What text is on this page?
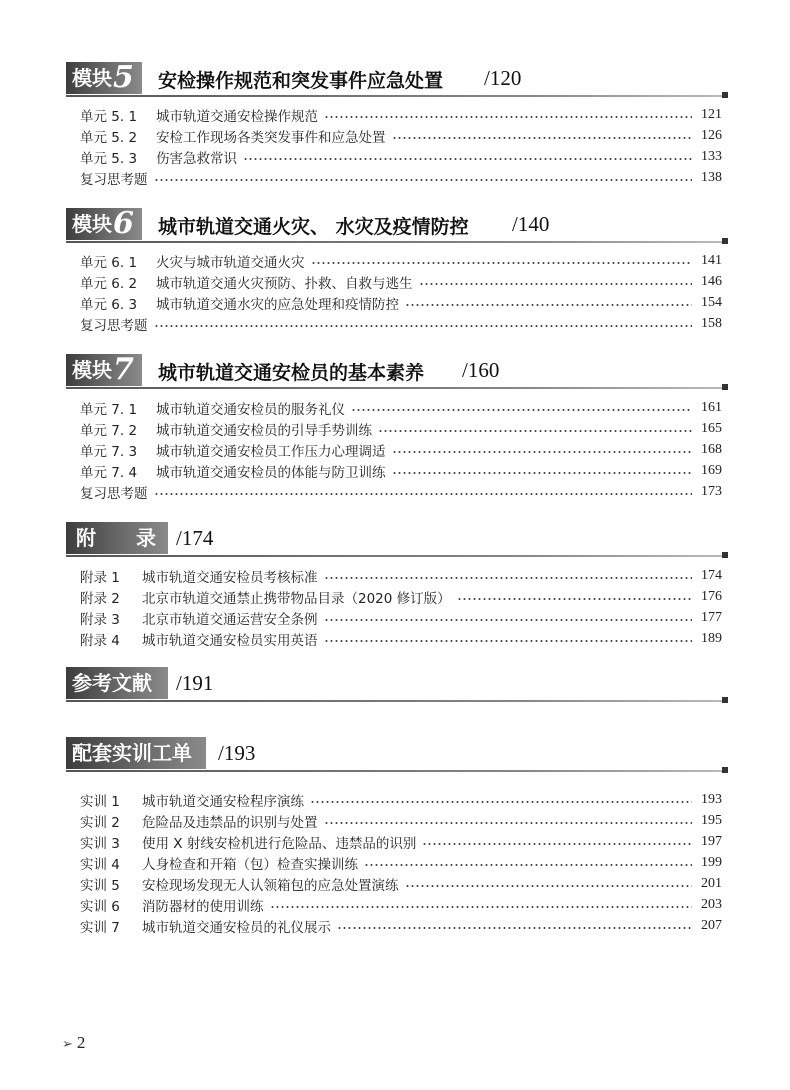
模块5	安检操作规范和突发事件应急处置 /120
单元 5. 1	城市轨道交通安检操作规范	121
单元 5. 2	安检工作现场各类突发事件和应急处置	126
单元 5. 3	伤害急救常识	133
复习思考题	138
模块6	城市轨道交通火灾、 水灾及疫情防控 /140
单元 6. 1	火灾与城市轨道交通火灾	141
单元 6. 2	城市轨道交通火灾预防、扑救、自救与逃生	146
单元 6. 3	城市轨道交通水灾的应急处理和疫情防控	154
复习思考题	158
模块7	城市轨道交通安检员的基本素养 /160
单元 7. 1	城市轨道交通安检员的服务礼仪	161
单元 7. 2	城市轨道交通安检员的引导手势训练	165
单元 7. 3	城市轨道交通安检员工作压力心理调适	168
单元 7. 4	城市轨道交通安检员的体能与防卫训练	169
复习思考题	173
附 录 /174
附录 1	城市轨道交通安检员考核标准	174
附录 2	北京市轨道交通禁止携带物品目录（2020 修订版）	176
附录 3	北京市轨道交通运营安全条例	177
附录 4	城市轨道交通安检员实用英语	189
参考文献	/191
配套实训工单	/193
实训 1	城市轨道交通安检程序演练	193
实训 2	危险品及违禁品的识别与处置	195
实训 3	使用 X 射线安检机进行危险品、违禁品的识别	197
实训 4	人身检查和开箱（包）检查实操训练	199
实训 5	安检现场发现无人认领箱包的应急处置演练	201
实训 6	消防器材的使用训练	203
实训 7	城市轨道交通安检员的礼仪展示	207
➢ 2
